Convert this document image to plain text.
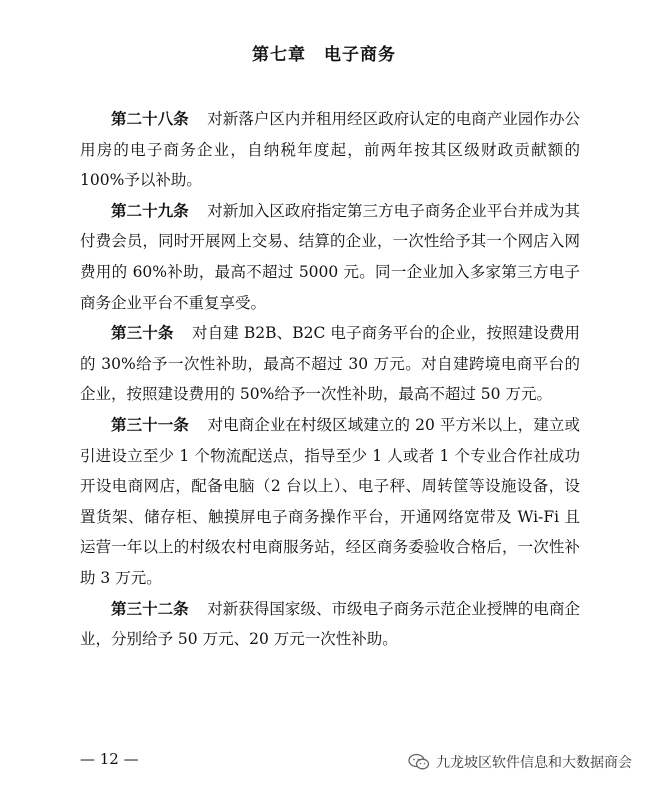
第七章　电子商务

第二十八条 对新落户区内并租用经区政府认定的电商产业园作办公用房的电子商务企业，自纳税年度起，前两年按其区级财政贡献额的 100%予以补助。

第二十九条 对新加入区政府指定第三方电子商务企业平台并成为其付费会员，同时开展网上交易、结算的企业，一次性给予其一个网店入网费用的 60%补助，最高不超过 5000 元。同一企业加入多家第三方电子商务企业平台不重复享受。

第三十条 对自建 B2B、B2C 电子商务平台的企业，按照建设费用的 30%给予一次性补助，最高不超过 30 万元。对自建跨境电商平台的企业，按照建设费用的 50%给予一次性补助，最高不超过 50 万元。

第三十一条 对电商企业在村级区域建立的 20 平方米以上，建立或引进设立至少 1 个物流配送点，指导至少 1 人或者 1 个专业合作社成功开设电商网店，配备电脑（2 台以上）、电子秤、周转筐等设施设备，设置货架、储存柜、触摸屏电子商务操作平台，开通网络宽带及 Wi-Fi 且运营一年以上的村级农村电商服务站，经区商务委验收合格后，一次性补助 3 万元。

第三十二条 对新获得国家级、市级电子商务示范企业授牌的电商企业，分别给予 50 万元、20 万元一次性补助。

— 12 —	九龙坡区软件信息和大数据商会
